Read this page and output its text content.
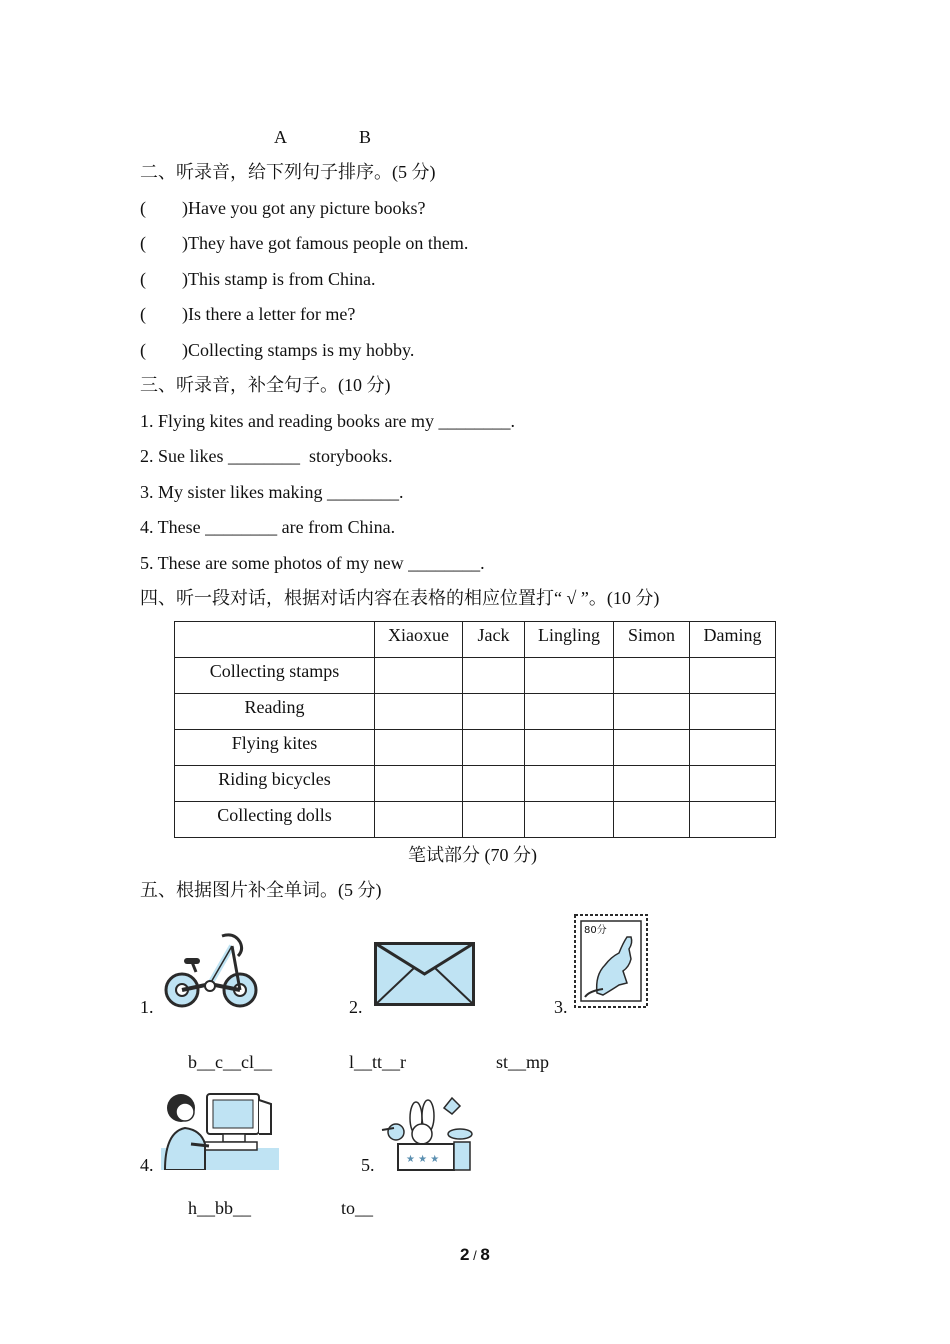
A	B
二、听录音，给下列句子排序。(5 分)
(        )Have you got any picture books?
(        )They have got famous people on them.
(        )This stamp is from China.
(        )Is there a letter for me?
(        )Collecting stamps is my hobby.
三、听录音，补全句子。(10 分)
1. Flying kites and reading books are my ________.
2. Sue likes ________  storybooks.
3. My sister likes making ________.
4. These ________ are from China.
5. These are some photos of my new ________.
四、听一段对话，根据对话内容在表格的相应位置打“ √ ”。(10 分)

	Xiaoxue	Jack	Lingling	Simon	Daming

Collecting stamps					

Reading					

Flying kites					

Riding bicycles					

Collecting dolls					

笔试部分 (70 分)
五、根据图片补全单词。(5 分)
1.
b__c__cl__
2.
l__tt__r
3.
80分
st__mp
4.
h__bb__
5.	★ ★ ★
to__
2 / 8
